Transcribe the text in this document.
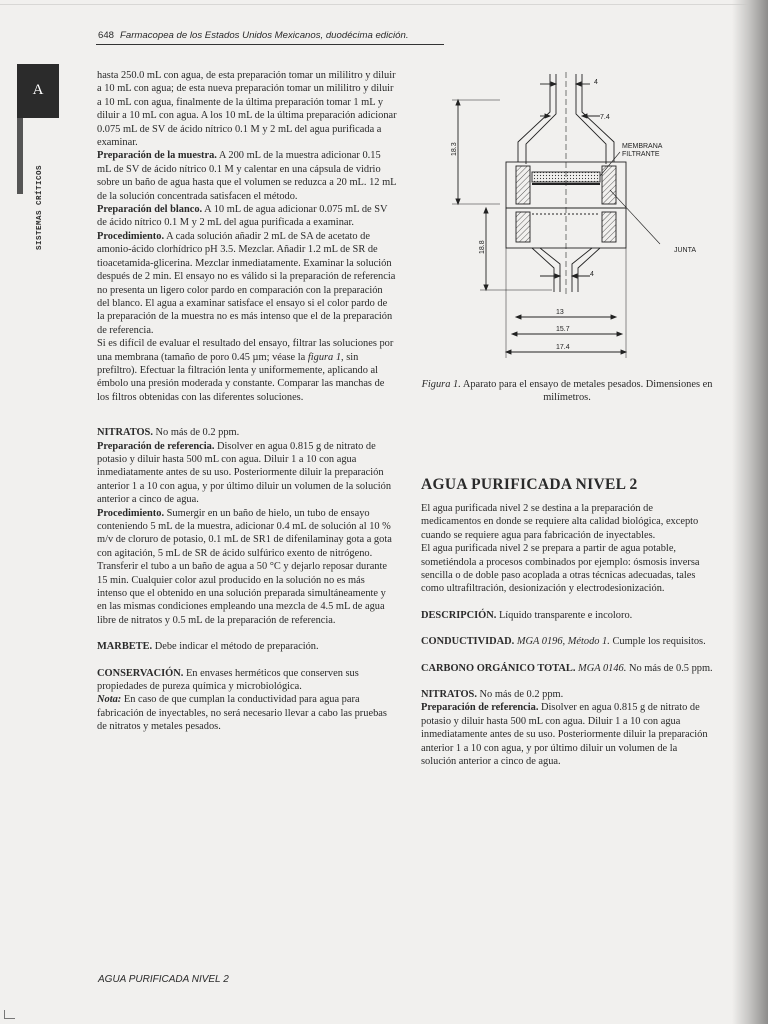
648 Farmacopea de los Estados Unidos Mexicanos, duodécima edición.
A
SISTEMAS CRÍTICOS

hasta 250.0 mL con agua, de esta preparación tomar un mililitro y diluir a 10 mL con agua; de esta nueva preparación tomar un mililitro y diluir a 10 mL con agua, finalmente de la última preparación tomar 1 mL y diluir a 10 mL con agua. A los 10 mL de la última preparación adicionar 0.075 mL de SV de ácido nítrico 0.1 M y 2 mL del agua purificada a examinar.

Preparación de la muestra. A 200 mL de la muestra adicionar 0.15 mL de SV de ácido nítrico 0.1 M y calentar en una cápsula de vidrio sobre un baño de agua hasta que el volumen se reduzca a 20 mL. 12 mL de la solución concentrada satisfacen el método.

Preparación del blanco. A 10 mL de agua adicionar 0.075 mL de SV de ácido nítrico 0.1 M y 2 mL del agua purificada a examinar.

Procedimiento. A cada solución añadir 2 mL de SA de acetato de amonio-ácido clorhídrico pH 3.5. Mezclar. Añadir 1.2 mL de SR de tioacetamida-glicerina. Mezclar inmediatamente. Examinar la solución después de 2 min. El ensayo no es válido si la preparación de referencia no presenta un ligero color pardo en comparación con la preparación del blanco. El agua a examinar satisface el ensayo si el color pardo de la preparación de la muestra no es más intenso que el de la preparación de referencia.

Si es difícil de evaluar el resultado del ensayo, filtrar las soluciones por una membrana (tamaño de poro 0.45 µm; véase la figura 1, sin prefiltro). Efectuar la filtración lenta y uniformemente, aplicando al émbolo una presión moderada y constante. Comparar las manchas de los filtros obtenidas con las diferentes soluciones.

NITRATOS. No más de 0.2 ppm.

Preparación de referencia. Disolver en agua 0.815 g de nitrato de potasio y diluir hasta 500 mL con agua. Diluir 1 a 10 con agua inmediatamente antes de su uso. Posteriormente diluir la preparación anterior 1 a 10 con agua, y por último diluir un volumen de la solución anterior a cinco de agua.

Procedimiento. Sumergir en un baño de hielo, un tubo de ensayo conteniendo 5 mL de la muestra, adicionar 0.4 mL de solución al 10 % m/v de cloruro de potasio, 0.1 mL de SR1 de difenilaminay gota a gota con agitación, 5 mL de SR de ácido sulfúrico exento de nitrógeno. Transferir el tubo a un baño de agua a 50 °C y dejarlo reposar durante 15 min. Cualquier color azul producido en la solución no es más intenso que el obtenido en una solución preparada simultáneamente y en las mismas condiciones empleando una mezcla de 4.5 mL de agua libre de nitratos y 0.5 mL de la preparación de referencia.

MARBETE. Debe indicar el método de preparación.

CONSERVACIÓN. En envases herméticos que conserven sus propiedades de pureza química y microbiológica.

Nota: En caso de que cumplan la conductividad para agua para fabricación de inyectables, no será necesario llevar a cabo las pruebas de nitratos y metales pesados.

4
7.4
MEMBRANA
FILTRANTE
18.3
18.8	JUNTA
4
13
15.7
17.4
Figura 1. Aparato para el ensayo de metales pesados. Dimensiones en milímetros.

AGUA PURIFICADA NIVEL 2

El agua purificada nivel 2 se destina a la preparación de medicamentos en donde se requiere alta calidad biológica, excepto cuando se requiere agua para fabricación de inyectables.

El agua purificada nivel 2 se prepara a partir de agua potable, sometiéndola a procesos combinados por ejemplo: ósmosis inversa sencilla o de doble paso acoplada a otras técnicas adecuadas, tales como ultrafiltración, desionización y electrodesionización.

DESCRIPCIÓN. Líquido transparente e incoloro.

CONDUCTIVIDAD. MGA 0196, Método 1. Cumple los requisitos.

CARBONO ORGÁNICO TOTAL. MGA 0146. No más de 0.5 ppm.

NITRATOS. No más de 0.2 ppm.

Preparación de referencia. Disolver en agua 0.815 g de nitrato de potasio y diluir hasta 500 mL con agua. Diluir 1 a 10 con agua inmediatamente antes de su uso. Posteriormente diluir la preparación anterior 1 a 10 con agua, y por último diluir un volumen de la solución anterior a cinco de agua.

AGUA PURIFICADA NIVEL 2
